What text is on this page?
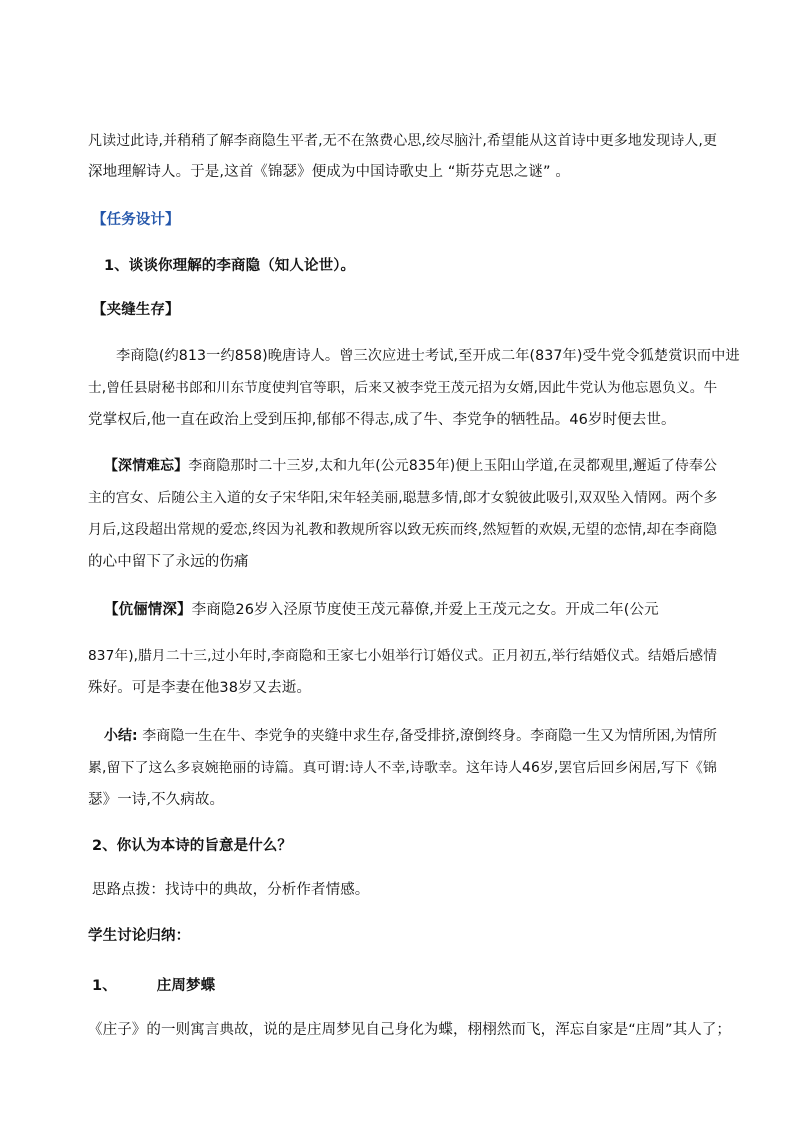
凡读过此诗,并稍稍了解李商隐生平者,无不在煞费心思,绞尽脑汁,希望能从这首诗中更多地发现诗人,更
深地理解诗人。于是,这首《锦瑟》便成为中国诗歌史上 “斯芬克思之谜” 。
【任务设计】
1、谈谈你理解的李商隐（知人论世）。
【夹缝生存】
李商隐(约813一约858)晚唐诗人。曾三次应进士考试,至开成二年(837年)受牛党令狐楚赏识而中进
士,曾任县尉秘书郎和川东节度使判官等职，后来又被李党王茂元招为女婿,因此牛党认为他忘恩负义。牛
党掌权后,他一直在政治上受到压抑,郁郁不得志,成了牛、李党争的牺牲品。46岁时便去世。
【深情难忘】李商隐那时二十三岁,太和九年(公元835年)便上玉阳山学道,在灵都观里,邂逅了侍奉公
主的宫女、后随公主入道的女子宋华阳,宋年轻美丽,聪慧多情,郎才女貌彼此吸引,双双坠入情网。两个多
月后,这段超出常规的爱恋,终因为礼教和教规所容以致无疾而终,然短暂的欢娱,无望的恋情,却在李商隐
的心中留下了永远的伤痛
【伉俪情深】李商隐26岁入泾原节度使王茂元幕僚,并爱上王茂元之女。开成二年(公元
837年),腊月二十三,过小年时,李商隐和王家七小姐举行订婚仪式。正月初五,举行结婚仪式。结婚后感情
殊好。可是李妻在他38岁又去逝。
小结: 李商隐一生在牛、李党争的夹缝中求生存,备受排挤,潦倒终身。李商隐一生又为情所困,为情所
累,留下了这么多哀婉艳丽的诗篇。真可谓:诗人不幸,诗歌幸。这年诗人46岁,罢官后回乡闲居,写下《锦
瑟》一诗,不久病故。
2、你认为本诗的旨意是什么？
思路点拨：找诗中的典故，分析作者情感。
学生讨论归纳：
1、	庄周梦蝶
《庄子》的一则寓言典故，说的是庄周梦见自己身化为蝶，栩栩然而飞，浑忘自家是“庄周”其人了；
